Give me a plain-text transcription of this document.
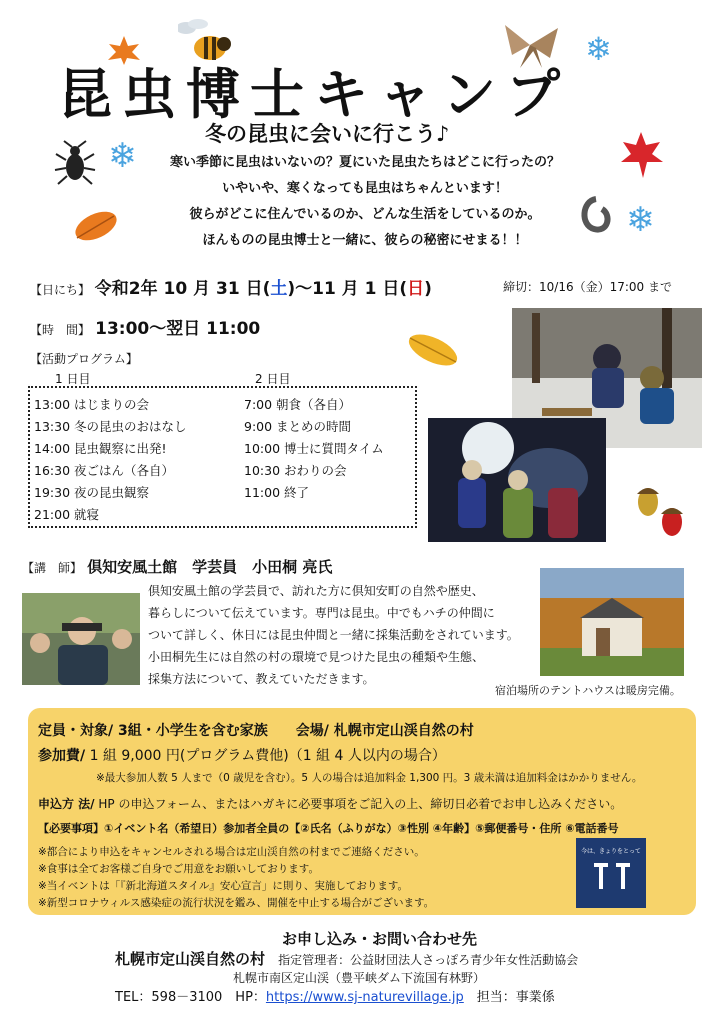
❄
❄
❄
昆虫博士キャンプ
冬の昆虫に会いに行こう♪
寒い季節に昆虫はいないの？夏にいた昆虫たちはどこに行ったの？
いやいや、寒くなっても昆虫はちゃんといます！
彼らがどこに住んでいるのか、どんな生活をしているのか。
ほんものの昆虫博士と一緒に、彼らの秘密にせまる！！
【日にち】 令和2年 10 月 31 日(土)～11 月 1 日(日)	締切：10/16（金）17:00 まで
【時　間】 13:00～翌日 11:00
宿泊場所のテントハウスは暖房完備。
【活動プログラム】
1 日目	2 日目
13:00 はじまりの会
13:30 冬の昆虫のおはなし
14:00 昆虫観察に出発!
16:30 夜ごはん（各自）
19:30 夜の昆虫観察
21:00 就寝
7:00 朝食（各自）
9:00 まとめの時間
10:00 博士に質問タイム
10:30 おわりの会
11:00 終了
【講　師】 倶知安風土館　学芸員　小田桐 亮氏
倶知安風土館の学芸員で、訪れた方に倶知安町の自然や歴史、
暮らしについて伝えています。専門は昆虫。中でもハチの仲間に
ついて詳しく、休日には昆虫仲間と一緒に採集活動をされています。
小田桐先生には自然の村の環境で見つけた昆虫の種類や生態、
採集方法について、教えていただきます。
定員・対象/ 3組・小学生を含む家族　　会場/ 札幌市定山渓自然の村
参加費/ 1 組 9,000 円(プログラム費他)（1 組 4 人以内の場合）
※最大参加人数 5 人まで（0 歳児を含む）。5 人の場合は追加料金 1,300 円。3 歳未満は追加料金はかかりません。
申込方 法/ HP の申込フォーム、またはハガキに必要事項をご記入の上、締切日必着でお申し込みください。
【必要事項】①イベント名（希望日）参加者全員の【②氏名（ふりがな）③性別 ④年齢】⑤郵便番号・住所 ⑥電話番号
※都合により申込をキャンセルされる場合は定山渓自然の村までご連絡ください。
※食事は全てお客様ご自身でご用意をお願いしております。
※当イベントは「『新北海道スタイル』安心宣言」に則り、実施しております。
※新型コロナウィルス感染症の流行状況を鑑み、開催を中止する場合がございます。
今は、きょりをとって
お申し込み・お問い合わせ先
札幌市定山渓自然の村 指定管理者：公益財団法人さっぽろ青少年女性活動協会
札幌市南区定山渓（豊平峡ダム下流国有林野）
TEL：598－3100　HP：https://www.sj-naturevillage.jp　担当：事業係
